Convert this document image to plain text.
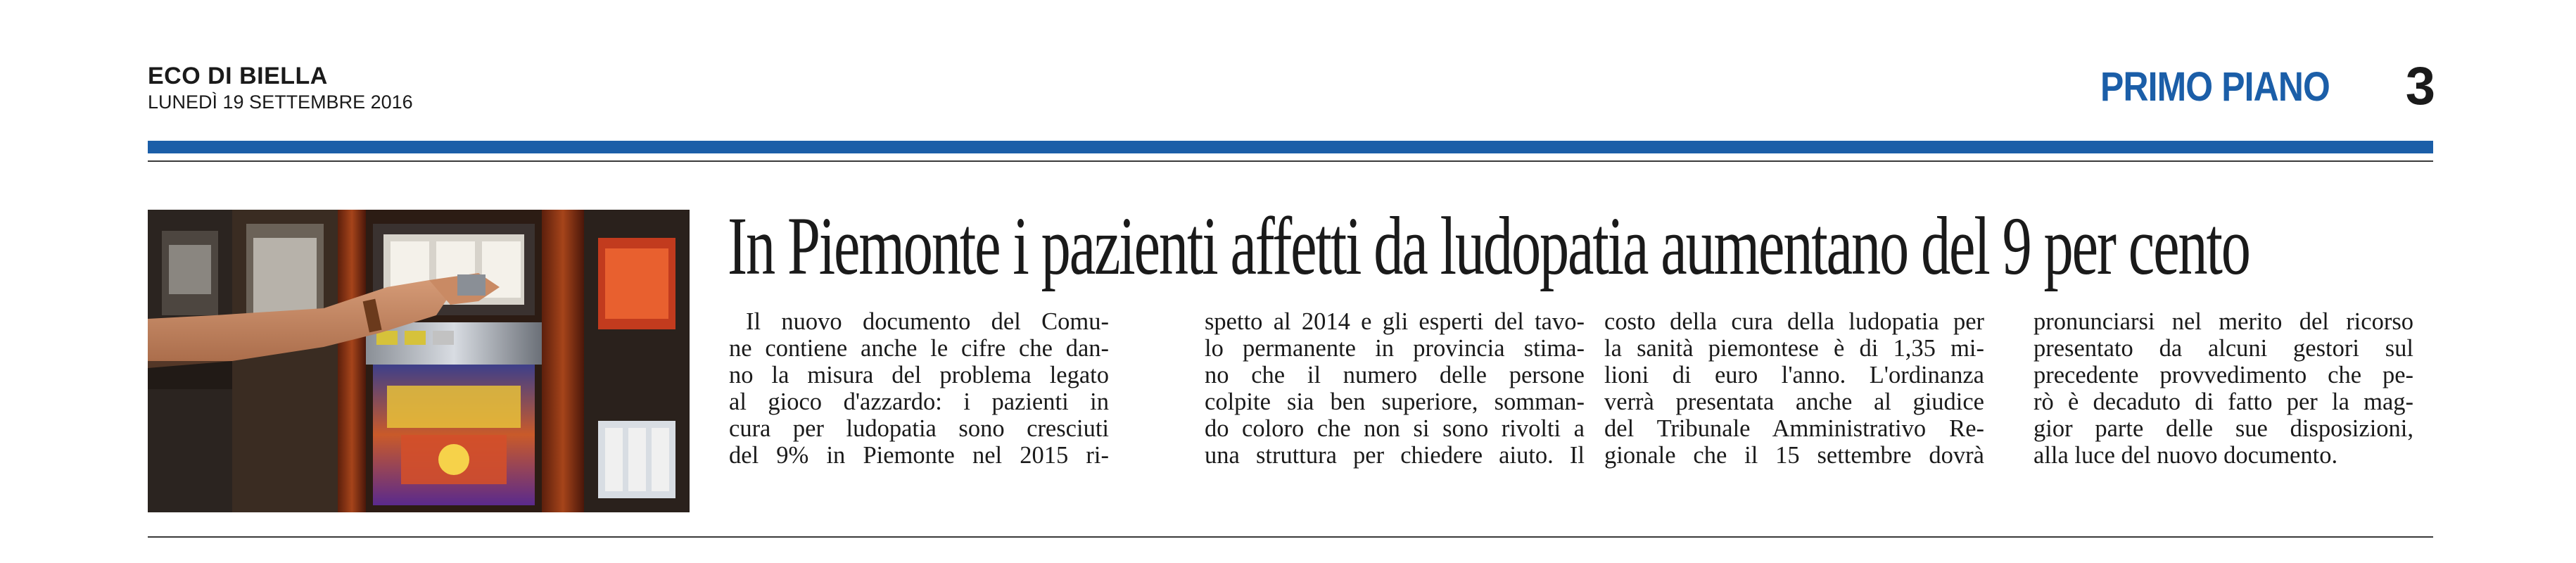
ECO DI BIELLA
LUNEDÌ 19 SETTEMBRE 2016	PRIMO PIANO 3
In Piemonte i pazienti affetti da ludopatia aumentano del 9 per cento
Il nuovo documento del Comu-
ne contiene anche le cifre che dan-
no la misura del problema legato
al gioco d'azzardo: i pazienti in
cura per ludopatia sono cresciuti
del 9% in Piemonte nel 2015 ri-
spetto al 2014 e gli esperti del tavo-
lo permanente in provincia stima-
no che il numero delle persone
colpite sia ben superiore, somman-
do coloro che non si sono rivolti a
una struttura per chiedere aiuto. Il
costo della cura della ludopatia per
la sanità piemontese è di 1,35 mi-
lioni di euro l'anno. L'ordinanza
verrà presentata anche al giudice
del Tribunale Amministrativo Re-
gionale che il 15 settembre dovrà
pronunciarsi nel merito del ricorso
presentato da alcuni gestori sul
precedente provvedimento che pe-
rò è decaduto di fatto per la mag-
gior parte delle sue disposizioni,
alla luce del nuovo documento.
